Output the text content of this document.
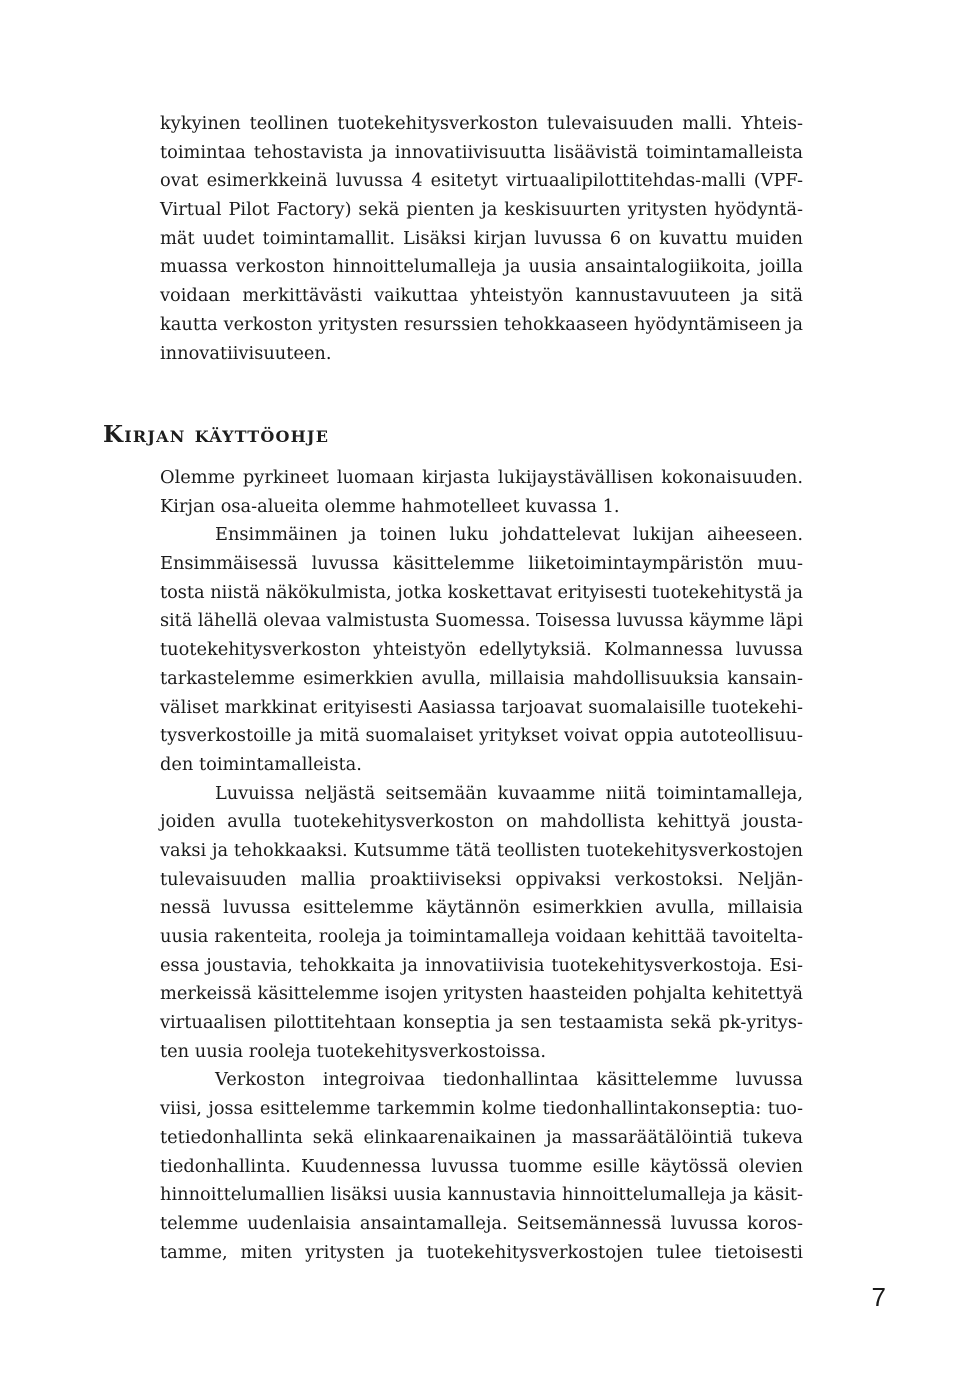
kykyinen teollinen tuotekehitysverkoston tulevaisuuden malli. Yhteis-
toimintaa tehostavista ja innovatiivisuutta lisäävistä toimintamalleista
ovat esimerkkeinä luvussa 4 esitetyt virtuaalipilottitehdas-malli (VPF-
Virtual Pilot Factory) sekä pienten ja keskisuurten yritysten hyödyntä-
mät uudet toimintamallit. Lisäksi kirjan luvussa 6 on kuvattu muiden
muassa verkoston hinnoittelumalleja ja uusia ansaintalogiikoita, joilla
voidaan merkittävästi vaikuttaa yhteistyön kannustavuuteen ja sitä
kautta verkoston yritysten resurssien tehokkaaseen hyödyntämiseen ja
innovatiivisuuteen.
Kirjan käyttöohje
Olemme pyrkineet luomaan kirjasta lukijaystävällisen kokonaisuuden.
Kirjan osa-alueita olemme hahmotelleet kuvassa 1.
Ensimmäinen ja toinen luku johdattelevat lukijan aiheeseen.
Ensimmäisessä luvussa käsittelemme liiketoimintaympäristön muu-
tosta niistä näkökulmista, jotka koskettavat erityisesti tuotekehitystä ja
sitä lähellä olevaa valmistusta Suomessa. Toisessa luvussa käymme läpi
tuotekehitysverkoston yhteistyön edellytyksiä. Kolmannessa luvussa
tarkastelemme esimerkkien avulla, millaisia mahdollisuuksia kansain-
väliset markkinat erityisesti Aasiassa tarjoavat suomalaisille tuotekehi-
tysverkostoille ja mitä suomalaiset yritykset voivat oppia autoteollisuu-
den toimintamalleista.
Luvuissa neljästä seitsemään kuvaamme niitä toimintamalleja,
joiden avulla tuotekehitysverkoston on mahdollista kehittyä jousta-
vaksi ja tehokkaaksi. Kutsumme tätä teollisten tuotekehitysverkostojen
tulevaisuuden mallia proaktiiviseksi oppivaksi verkostoksi. Neljän-
nessä luvussa esittelemme käytännön esimerkkien avulla, millaisia
uusia rakenteita, rooleja ja toimintamalleja voidaan kehittää tavoitelta-
essa joustavia, tehokkaita ja innovatiivisia tuotekehitysverkostoja. Esi-
merkeissä käsittelemme isojen yritysten haasteiden pohjalta kehitettyä
virtuaalisen pilottitehtaan konseptia ja sen testaamista sekä pk-yritys-
ten uusia rooleja tuotekehitysverkostoissa.
Verkoston integroivaa tiedonhallintaa käsittelemme luvussa
viisi, jossa esittelemme tarkemmin kolme tiedonhallintakonseptia: tuo-
tetiedonhallinta sekä elinkaarenaikainen ja massaräätälöintiä tukeva
tiedonhallinta. Kuudennessa luvussa tuomme esille käytössä olevien
hinnoittelumallien lisäksi uusia kannustavia hinnoittelumalleja ja käsit-
telemme uudenlaisia ansaintamalleja. Seitsemännessä luvussa koros-
tamme, miten yritysten ja tuotekehitysverkostojen tulee tietoisesti
7
